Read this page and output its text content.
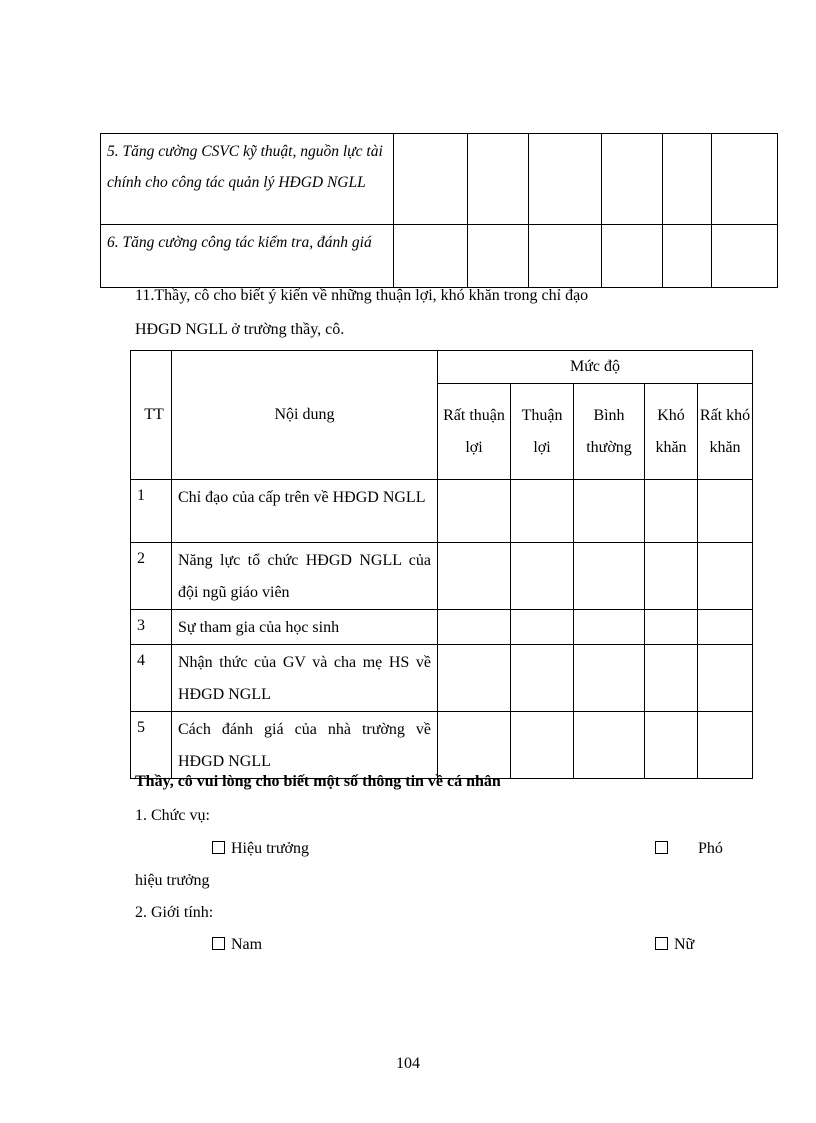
5. Tăng cường CSVC kỹ thuật, nguồn lực tài chính cho công tác quản lý HĐGD NGLL						
6. Tăng cường công tác kiểm tra, đánh giá						
11.Thầy, cô cho biết ý kiến về những thuận lợi, khó khăn trong chỉ đạo
HĐGD NGLL ở trường thầy, cô.
TT	Nội dung	Mức độ				
		Rất thuận lợi	Thuận lợi	Bình thường	Khó khăn	Rất khó khăn
1	Chỉ đạo của cấp trên về HĐGD NGLL					
2	Năng lực tổ chức HĐGD NGLL của đội ngũ giáo viên					
3	Sự tham gia của học sinh					
4	Nhận thức của GV và cha mẹ HS về HĐGD NGLL					
5	Cách đánh giá của nhà trường về HĐGD NGLL					
Thầy, cô vui lòng cho biết một số thông tin về cá nhân
1. Chức vụ:
Hiệu trưởng	Phó
hiệu trưởng
2. Giới tính:
Nam	Nữ
104
